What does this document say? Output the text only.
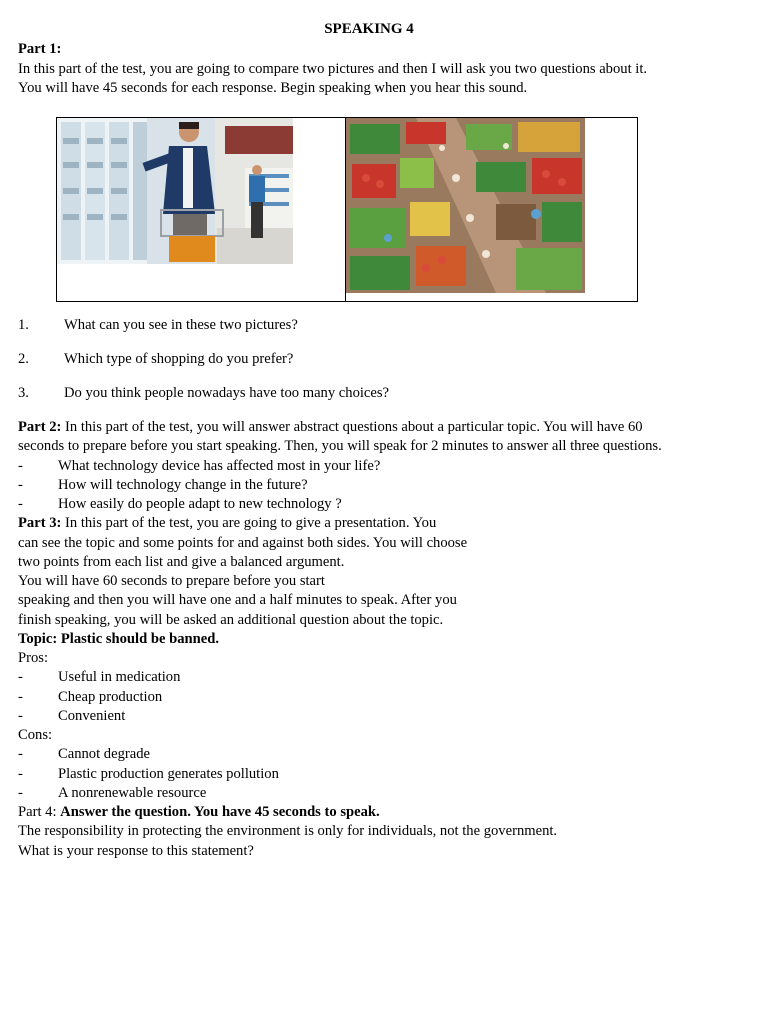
SPEAKING 4
Part 1:
In this part of the test, you are going to compare two pictures and then I will ask you two questions about it.
You will have 45 seconds for each response. Begin speaking when you hear this sound.
1. What can you see in these two pictures?
2. Which type of shopping do you prefer?
3. Do you think people nowadays have too many choices?
Part 2: In this part of the test, you will answer abstract questions about a particular topic. You will have 60
seconds to prepare before you start speaking. Then, you will speak for 2 minutes to answer all three questions.
- What technology device has affected most in your life?
- How will technology change in the future?
- How easily do people adapt to new technology ?
Part 3: In this part of the test, you are going to give a presentation. You
can see the topic and some points for and against both sides. You will choose
two points from each list and give a balanced argument.
You will have 60 seconds to prepare before you start
speaking and then you will have one and a half minutes to speak. After you
finish speaking, you will be asked an additional question about the topic.
Topic: Plastic should be banned.
Pros:
- Useful in medication
- Cheap production
- Convenient
Cons:
- Cannot degrade
- Plastic production generates pollution
- A nonrenewable resource
Part 4: Answer the question. You have 45 seconds to speak.
The responsibility in protecting the environment is only for individuals, not the government.
What is your response to this statement?
